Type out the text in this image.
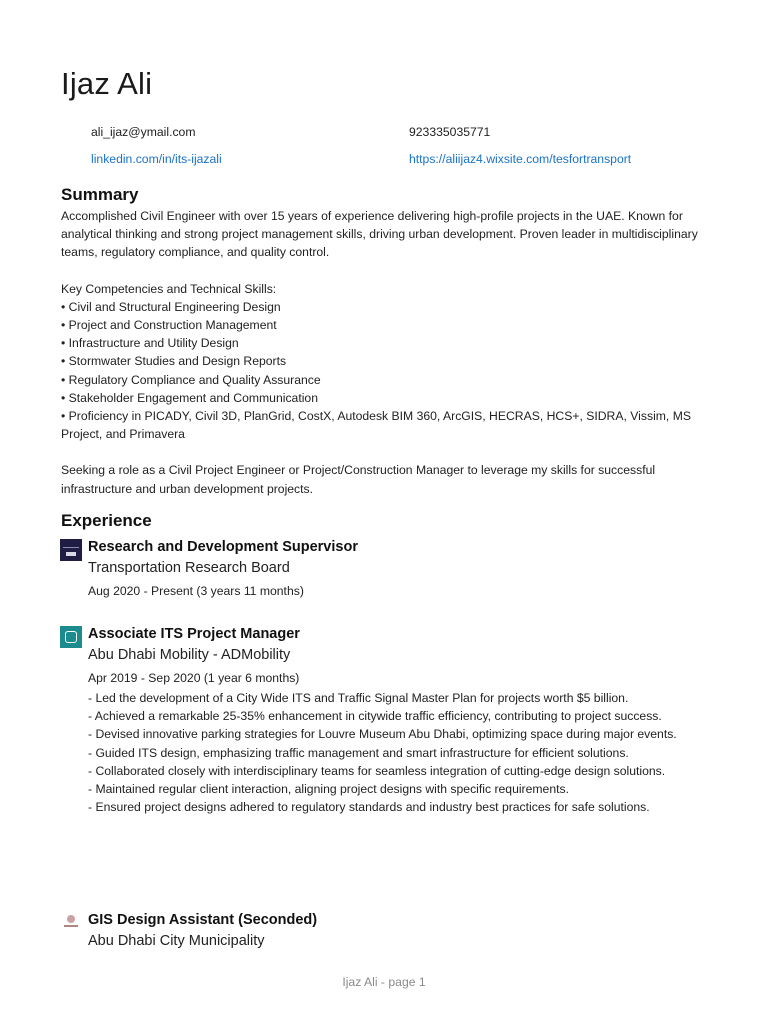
Ijaz Ali
ali_ijaz@ymail.com	923335035771
linkedin.com/in/its-ijazali	https://aliijaz4.wixsite.com/tesfortransport
Summary

Accomplished Civil Engineer with over 15 years of experience delivering high-profile projects in the UAE. Known for analytical thinking and strong project management skills, driving urban development. Proven leader in multidisciplinary teams, regulatory compliance, and quality control.

Key Competencies and Technical Skills:

• Civil and Structural Engineering Design

• Project and Construction Management

• Infrastructure and Utility Design

• Stormwater Studies and Design Reports

• Regulatory Compliance and Quality Assurance

• Stakeholder Engagement and Communication

• Proficiency in PICADY, Civil 3D, PlanGrid, CostX, Autodesk BIM 360, ArcGIS, HECRAS, HCS+, SIDRA, Vissim, MS Project, and Primavera

Seeking a role as a Civil Project Engineer or Project/Construction Manager to leverage my skills for successful infrastructure and urban development projects.

Experience
Research and Development Supervisor
Transportation Research Board
Aug 2020 - Present (3 years 11 months)
Associate ITS Project Manager
Abu Dhabi Mobility - ADMobility
Apr 2019 - Sep 2020 (1 year 6 months)

- Led the development of a City Wide ITS and Traffic Signal Master Plan for projects worth $5 billion.

- Achieved a remarkable 25-35% enhancement in citywide traffic efficiency, contributing to project success.

- Devised innovative parking strategies for Louvre Museum Abu Dhabi, optimizing space during major events.

- Guided ITS design, emphasizing traffic management and smart infrastructure for efficient solutions.

- Collaborated closely with interdisciplinary teams for seamless integration of cutting-edge design solutions.

- Maintained regular client interaction, aligning project designs with specific requirements.

- Ensured project designs adhered to regulatory standards and industry best practices for safe solutions.

GIS Design Assistant (Seconded)
Abu Dhabi City Municipality
Ijaz Ali - page 1
